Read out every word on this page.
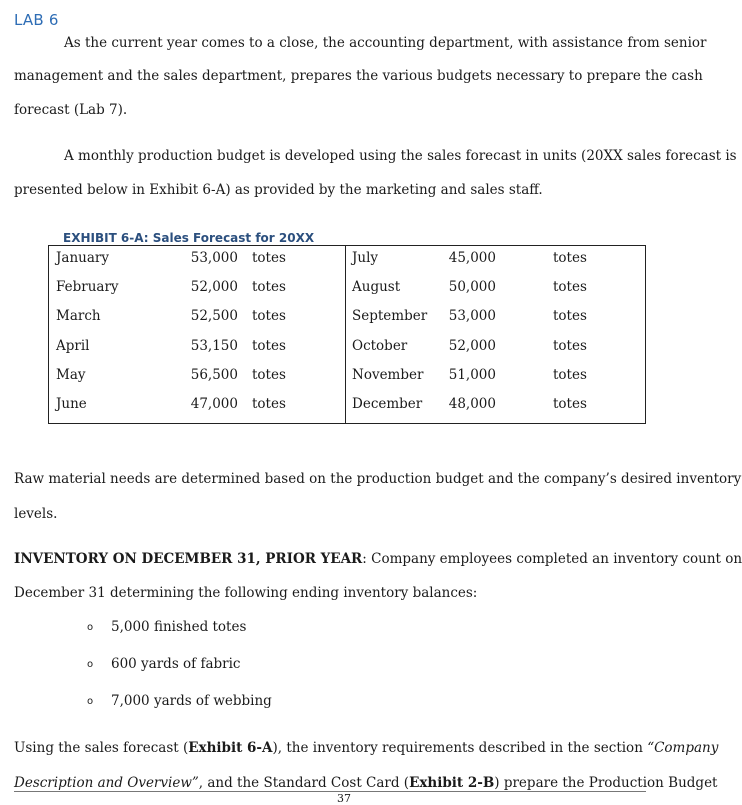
LAB 6
As the current year comes to a close, the accounting department, with assistance from senior
management and the sales department, prepares the various budgets necessary to prepare the cash
forecast (Lab 7).
A monthly production budget is developed using the sales forecast in units (20XX sales forecast is
presented below in Exhibit 6-A) as provided by the marketing and sales staff.
EXHIBIT 6-A: Sales Forecast for 20XX
January	53,000 totes
February	52,000 totes
March	52,500 totes
April	53,150 totes
May	56,500 totes
June	47,000 totes
July	45,000	totes
August	50,000	totes
September	53,000	totes
October	52,000	totes
November	51,000	totes
December	48,000	totes
Raw material needs are determined based on the production budget and the company’s desired inventory
levels.
INVENTORY ON DECEMBER 31, PRIOR YEAR: Company employees completed an inventory count on
December 31 determining the following ending inventory balances:
o 5,000 finished totes
o 600 yards of fabric
o 7,000 yards of webbing
Using the sales forecast (Exhibit 6-A), the inventory requirements described in the section “Company
Description and Overview”, and the Standard Cost Card (Exhibit 2-B) prepare the Production Budget
37
